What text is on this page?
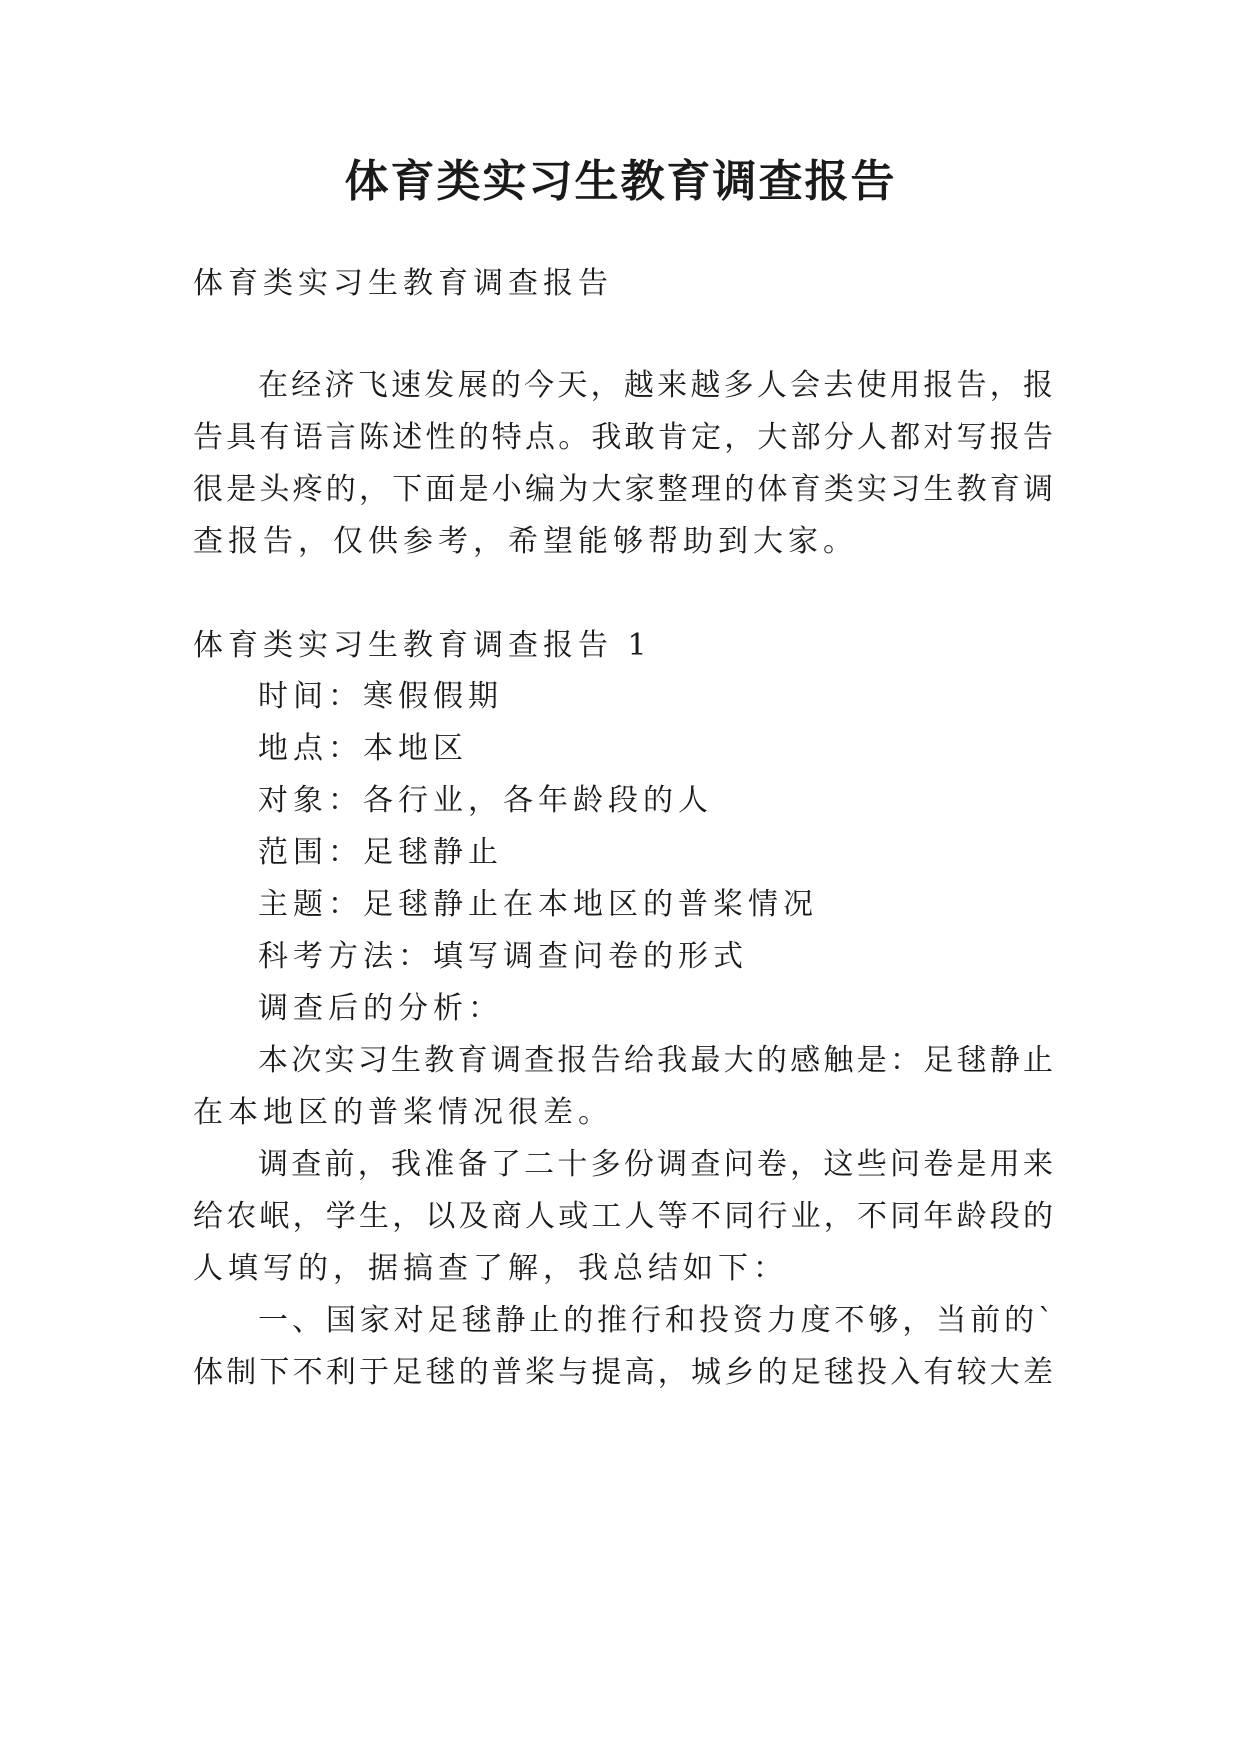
体育类实习生教育调查报告
体育类实习生教育调查报告
在经济飞速发展的今天，越来越多人会去使用报告，报
告具有语言陈述性的特点。我敢肯定，大部分人都对写报告
很是头疼的，下面是小编为大家整理的体育类实习生教育调
查报告，仅供参考，希望能够帮助到大家。
体育类实习生教育调查报告 1
时间：寒假假期
地点：本地区
对象：各行业，各年龄段的人
范围：足毬静止
主题：足毬静止在本地区的普桨情况
科考方法：填写调查问卷的形式
调查后的分析：
本次实习生教育调查报告给我最大的感触是：足毬静止
在本地区的普桨情况很差。
调查前，我准备了二十多份调查问卷，这些问卷是用来
给农岷，学生，以及商人或工人等不同行业，不同年龄段的
人填写的，据搞查了解，我总结如下：
一、国家对足毬静止的推行和投资力度不够，当前的`
体制下不利于足毬的普桨与提高，城乡的足毬投入有较大差
